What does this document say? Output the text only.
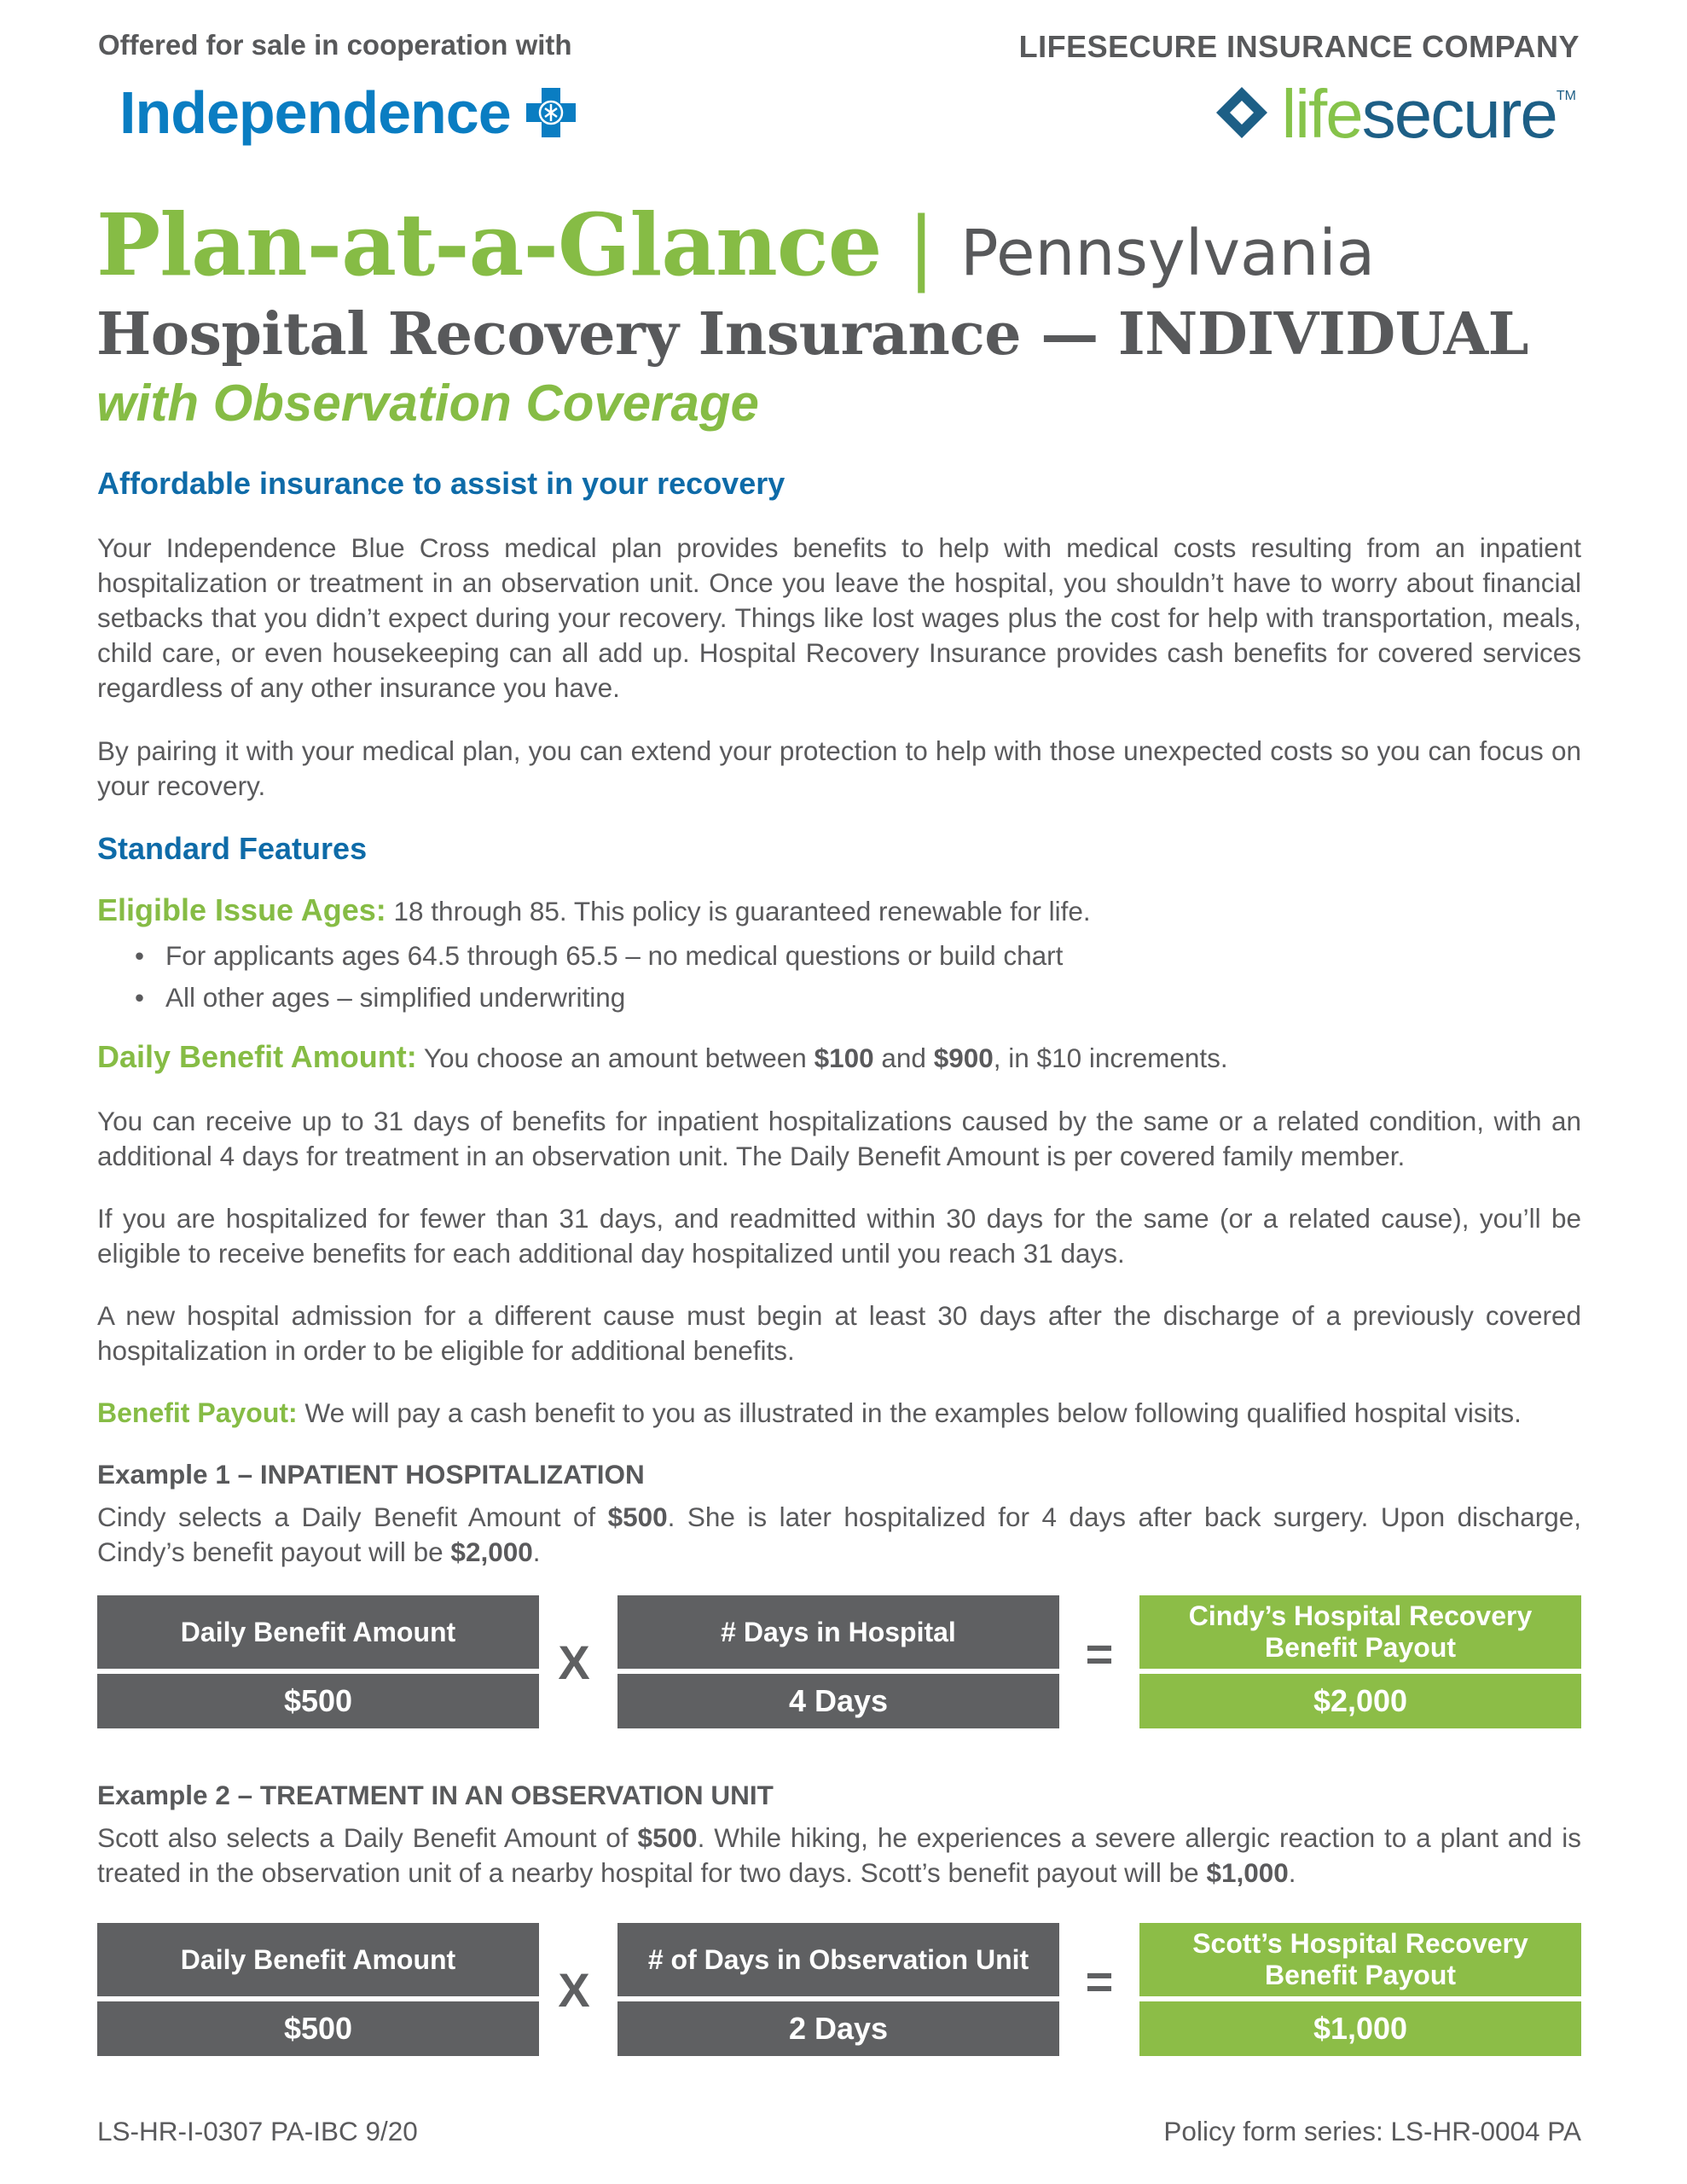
Offered for sale in cooperation with
Independence
LIFESECURE INSURANCE COMPANY
lifesecure TM
Plan-at-a-Glance | Pennsylvania
Hospital Recovery Insurance — INDIVIDUAL
with Observation Coverage
Affordable insurance to assist in your recovery
Your Independence Blue Cross medical plan provides benefits to help with medical costs resulting from an inpatient hospitalization or treatment in an observation unit. Once you leave the hospital, you shouldn’t have to worry about financial setbacks that you didn’t expect during your recovery. Things like lost wages plus the cost for help with transportation, meals, child care, or even housekeeping can all add up. Hospital Recovery Insurance provides cash benefits for covered services regardless of any other insurance you have.
By pairing it with your medical plan, you can extend your protection to help with those unexpected costs so you can focus on your recovery.
Standard Features
Eligible Issue Ages: 18 through 85. This policy is guaranteed renewable for life.
• For applicants ages 64.5 through 65.5 – no medical questions or build chart
• All other ages – simplified underwriting
Daily Benefit Amount: You choose an amount between $100 and $900, in $10 increments.
You can receive up to 31 days of benefits for inpatient hospitalizations caused by the same or a related condition, with an additional 4 days for treatment in an observation unit. The Daily Benefit Amount is per covered family member.
If you are hospitalized for fewer than 31 days, and readmitted within 30 days for the same (or a related cause), you’ll be eligible to receive benefits for each additional day hospitalized until you reach 31 days.
A new hospital admission for a different cause must begin at least 30 days after the discharge of a previously covered hospitalization in order to be eligible for additional benefits.
Benefit Payout: We will pay a cash benefit to you as illustrated in the examples below following qualified hospital visits.
Example 1 – INPATIENT HOSPITALIZATION
Cindy selects a Daily Benefit Amount of $500. She is later hospitalized for 4 days after back surgery. Upon discharge, Cindy’s benefit payout will be $2,000.
Daily Benefit Amount
$500
X
# Days in Hospital
4 Days
=
Cindy’s Hospital Recovery
Benefit Payout
$2,000
Example 2 – TREATMENT IN AN OBSERVATION UNIT
Scott also selects a Daily Benefit Amount of $500. While hiking, he experiences a severe allergic reaction to a plant and is treated in the observation unit of a nearby hospital for two days. Scott’s benefit payout will be $1,000.
Daily Benefit Amount
$500
X
# of Days in Observation Unit
2 Days
=
Scott’s Hospital Recovery
Benefit Payout
$1,000
LS-HR-I-0307 PA-IBC 9/20	Policy form series: LS-HR-0004 PA
